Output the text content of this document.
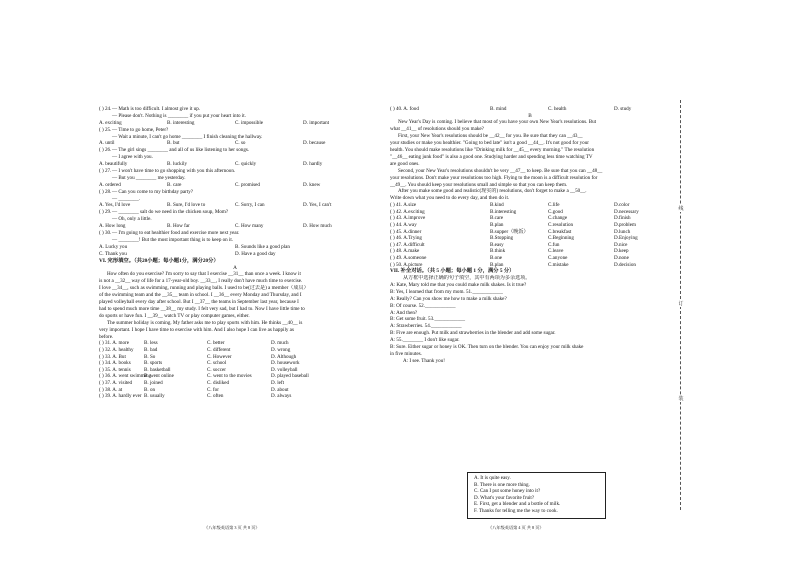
( ) 24. — Math is too difficult. I almost give it up.
— Please don't. Nothing is ________ if you put your heart into it.
A. exciting	B. interesting	C. impossible	D. important
( ) 25. — Time to go home, Peter?
— Wait a minute, I can't go home ________ I finish cleaning the hallway.
A. until	B. but	C. so	D. because
( ) 26. — The girl sings ________ and all of us like listening to her songs.
— I agree with you.
A. beautifully	B. luckily	C. quickly	D. hardly
( ) 27. — I won't have time to go shopping with you this afternoon.
— But you ________ me yesterday.
A. ordered	B. care	C. promised	D. knew
( ) 28. — Can you come to my birthday party?
— ________.
A. Yes, I'd love	B. Sure, I'd love to	C. Sorry, I can	D. Yes, I can't
( ) 29. — ________ salt do we need in the chicken soup, Mom?
— Oh, only a little.
A. How long	B. How far	C. How many	D. How much
( ) 30. — I'm going to eat healthier food and exercise more next year.
— ________! But the most important thing is to keep on it.
A. Lucky you	B. Sounds like a good plan
C. Thank you	D. Have a good day
VI. 完形填空。（共20小题；每小题1分，满分20分）
A
How often do you exercise? I'm sorry to say that I exercise __31__ than once a week. I know it
is not a __32__ way of life for a 17-year-old boy. __33__, I really don't have much time to exercise.
I love __34__, such as swimming, running and playing balls. I used to be(过去是) a member（成员）
of the swimming team and the __35__ team in school. I __36__ every Monday and Thursday, and I
played volleyball every day after school. But I __37__ the teams in September last year, because I
had to spend much more time __38__ my study. I felt very sad, but I had to. Now I have little time to
do sports or have fun. I __39__ watch TV or play computer games, either.
The summer holiday is coming. My father asks me to play sports with him. He thinks __40__ is
very important. I hope I have time to exercise with him. And I also hope I can live as happily as
before.
( ) 31. A. more	B. less	C. better	D. much
( ) 32. A. healthy	B. bad	C. different	D. wrong
( ) 33. A. But	B. So	C. However	D. Although
( ) 34. A. books	B. sports	C. school	D. housework
( ) 35. A. tennis	B. basketball	C. soccer	D. volleyball
( ) 36. A. went swimming
B. went online	C. went to the movies	D. played baseball
( ) 37. A. visited	B. joined	C. disliked	D. left
( ) 38. A. at	B. on	C. for	D. about
( ) 39. A. hardly ever B. usually	C. often	D. always
( ) 40. A. food	B. mind	C. health	D. study
B
New Year's Day is coming. I believe that most of you have your own New Year's resolutions. But
what __41__ of resolutions should you make?
First, your New Year's resolutions should be __42__ for you. Be sure that they can __43__
your studies or make you healthier. "Going to bed late" isn't a good __44__. It's not good for your
health. You should make resolutions like "Drinking milk for __45__ every morning." The resolution
"__46__ eating junk food" is also a good one. Studying harder and spending less time watching TV
are good ones.
Second, your New Year's resolutions shouldn't be very __47__ to keep. Be sure that you can __48__
your resolutions. Don't make your resolutions too high. Flying to the moon is a difficult resolution for
__49__. You should keep your resolutions small and simple so that you can keep them.
After you make some good and realistic(现实的) resolutions, don't forget to make a __50__.
Write down what you need to do every day, and then do it.
( ) 41. A.size	B.kind	C.life	D.color
( ) 42. A.exciting	B.interesting	C.good	D.necessary
( ) 43. A.improve	B.care	C.change	D.finish
( ) 44. A.way	B.plan	C.resolution	D.problem
( ) 45. A.dinner	B.supper（晚饭）	C.breakfast	D.lunch
( ) 46. A.Trying	B.Stopping	C.Beginning	D.Enjoying
( ) 47. A.difficult	B.easy	C.fun	D.nice
( ) 48. A.make	B.think	C.leave	D.keep
( ) 49. A.someone	B.one	C.anyone	D.none
( ) 50. A.picture	B.plan	C.mistake	D.decision
VII. 补全对话。（共 5 小题；每小题 1 分，满分 5 分）
从方框中选择正确的句子填空，其中有两项为多余选项。
A: Kate, Mary told me that you could make milk shakes. Is it true?
B: Yes, I learned that from my mom. 51.____________
A: Really? Can you show me how to make a milk shake?
B: Of course. 52.____________
A: And then?
B: Get some fruit. 53.____________
A: Strawberries. 54.____________
B: Five are enough. Put milk and strawberries in the blender and add some sugar.
A: 55.________ I don't like sugar.
B: Sure. Either sugar or honey is OK. Then turn on the blender. You can enjoy your milk shake
in five minutes.
A: I see. Thank you!
A. It is quite easy.
B. There is one more thing.
C. Can I put some honey into it?
D. What's your favorite fruit?
E. First, get a blender and a bottle of milk.
F. Thanks for telling me the way to cook.
《八年级英语第 3 页 共 8 页》	《八年级英语第 4 页 共 8 页》
线
订
装
